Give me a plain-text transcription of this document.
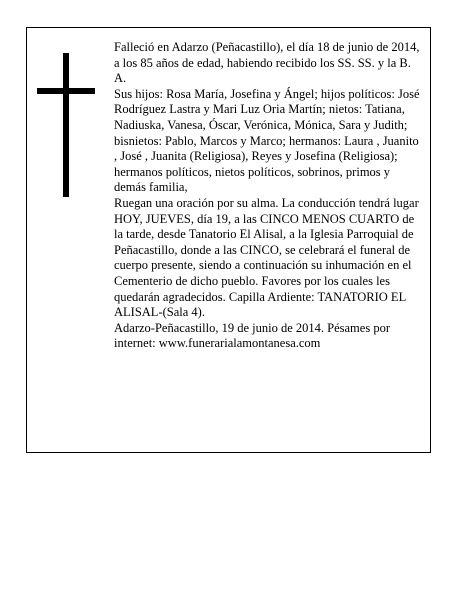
Falleció en Adarzo (Peñacastillo), el día 18 de junio de 2014, a los 85 años de edad, habiendo recibido los SS. SS. y la B. A.

Sus hijos: Rosa María, Josefina y Ángel; hijos políticos: José Rodríguez Lastra y Mari Luz Oria Martín; nietos: Tatiana, Nadiuska, Vanesa, Óscar, Verónica, Mónica, Sara y Judith; bisnietos: Pablo, Marcos y Marco; hermanos: Laura , Juanito , José , Juanita (Religiosa), Reyes y Josefina (Religiosa); hermanos políticos, nietos políticos, sobrinos, primos y demás familia,

Ruegan una oración por su alma. La conducción tendrá lugar HOY, JUEVES, día 19, a las CINCO MENOS CUARTO de la tarde, desde Tanatorio El Alisal, a la Iglesia Parroquial de Peñacastillo, donde a las CINCO, se celebrará el funeral de cuerpo presente, siendo a continuación su inhumación en el Cementerio de dicho pueblo. Favores por los cuales les quedarán agradecidos. Capilla Ardiente: TANATORIO EL ALISAL-(Sala 4).

Adarzo-Peñacastillo, 19 de junio de 2014. Pésames por internet: www.funerarialamontanesa.com
